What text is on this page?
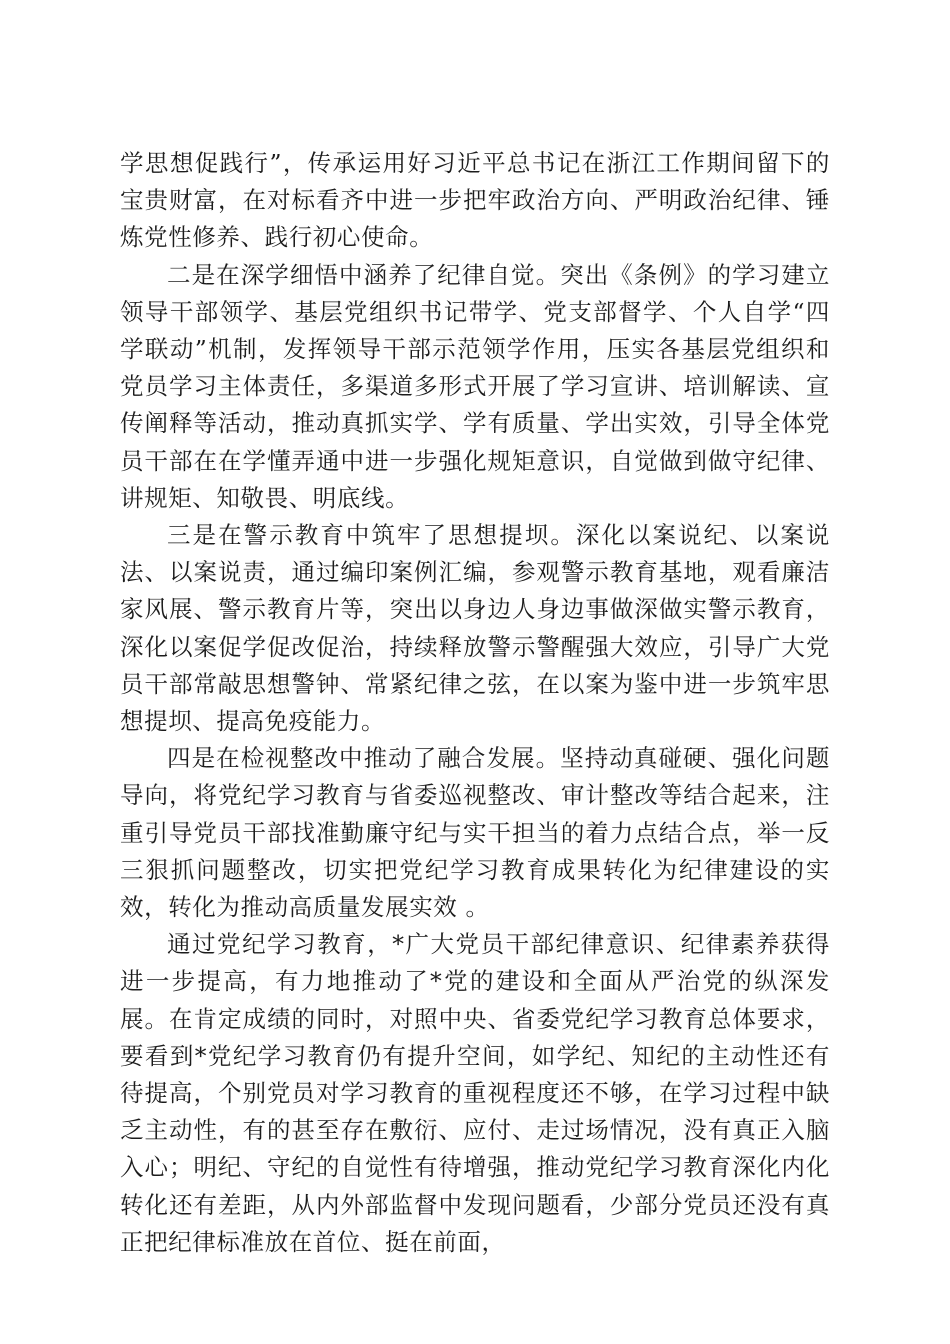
学思想促践行”，传承运用好习近平总书记在浙江工作期间留下的宝贵财富，在对标看齐中进一步把牢政治方向、严明政治纪律、锤炼党性修养、践行初心使命。

二是在深学细悟中涵养了纪律自觉。突出《条例》的学习建立领导干部领学、基层党组织书记带学、党支部督学、个人自学“四学联动”机制，发挥领导干部示范领学作用，压实各基层党组织和党员学习主体责任，多渠道多形式开展了学习宣讲、培训解读、宣传阐释等活动，推动真抓实学、学有质量、学出实效，引导全体党员干部在在学懂弄通中进一步强化规矩意识，自觉做到做守纪律、讲规矩、知敬畏、明底线。

三是在警示教育中筑牢了思想提坝。深化以案说纪、以案说法、以案说责，通过编印案例汇编，参观警示教育基地，观看廉洁家风展、警示教育片等，突出以身边人身边事做深做实警示教育，深化以案促学促改促治，持续释放警示警醒强大效应，引导广大党员干部常敲思想警钟、常紧纪律之弦，在以案为鉴中进一步筑牢思想提坝、提高免疫能力。

四是在检视整改中推动了融合发展。坚持动真碰硬、强化问题导向，将党纪学习教育与省委巡视整改、审计整改等结合起来，注重引导党员干部找准勤廉守纪与实干担当的着力点结合点，举一反三狠抓问题整改，切实把党纪学习教育成果转化为纪律建设的实效，转化为推动高质量发展实效 。

通过党纪学习教育，*广大党员干部纪律意识、纪律素养获得进一步提高，有力地推动了*党的建设和全面从严治党的纵深发展。在肯定成绩的同时，对照中央、省委党纪学习教育总体要求，要看到*党纪学习教育仍有提升空间，如学纪、知纪的主动性还有待提高，个别党员对学习教育的重视程度还不够，在学习过程中缺乏主动性，有的甚至存在敷衍、应付、走过场情况，没有真正入脑入心；明纪、守纪的自觉性有待增强，推动党纪学习教育深化内化转化还有差距，从内外部监督中发现问题看，少部分党员还没有真正把纪律标准放在首位、挺在前面，
